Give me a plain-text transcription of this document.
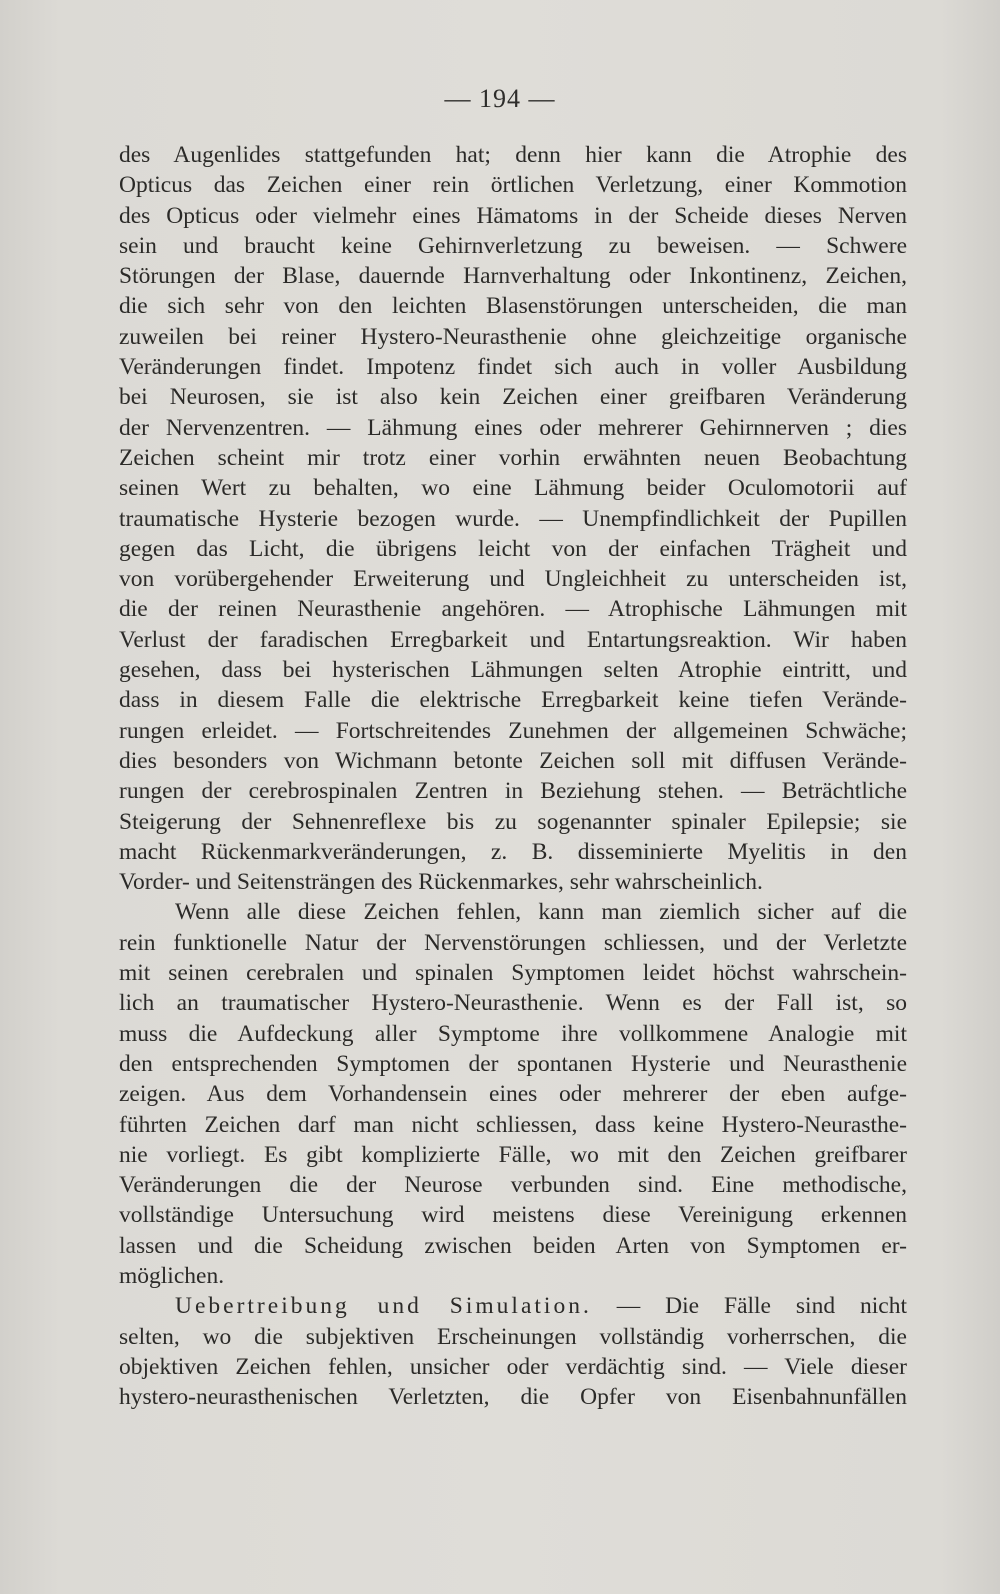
— 194 —
des Augenlides stattgefunden hat; denn hier kann die Atrophie des
Opticus das Zeichen einer rein örtlichen Verletzung, einer Kommotion
des Opticus oder vielmehr eines Hämatoms in der Scheide dieses Nerven
sein und braucht keine Gehirnverletzung zu beweisen. — Schwere
Störungen der Blase, dauernde Harnverhaltung oder Inkontinenz, Zeichen,
die sich sehr von den leichten Blasenstörungen unterscheiden, die man
zuweilen bei reiner Hystero-Neurasthenie ohne gleichzeitige organische
Veränderungen findet. Impotenz findet sich auch in voller Ausbildung
bei Neurosen, sie ist also kein Zeichen einer greifbaren Veränderung
der Nervenzentren. — Lähmung eines oder mehrerer Gehirnnerven ; dies
Zeichen scheint mir trotz einer vorhin erwähnten neuen Beobachtung
seinen Wert zu behalten, wo eine Lähmung beider Oculomotorii auf
traumatische Hysterie bezogen wurde. — Unempfindlichkeit der Pupillen
gegen das Licht, die übrigens leicht von der einfachen Trägheit und
von vorübergehender Erweiterung und Ungleichheit zu unterscheiden ist,
die der reinen Neurasthenie angehören. — Atrophische Lähmungen mit
Verlust der faradischen Erregbarkeit und Entartungsreaktion. Wir haben
gesehen, dass bei hysterischen Lähmungen selten Atrophie eintritt, und
dass in diesem Falle die elektrische Erregbarkeit keine tiefen Verände-
rungen erleidet. — Fortschreitendes Zunehmen der allgemeinen Schwäche;
dies besonders von Wichmann betonte Zeichen soll mit diffusen Verände-
rungen der cerebrospinalen Zentren in Beziehung stehen. — Beträchtliche
Steigerung der Sehnenreflexe bis zu sogenannter spinaler Epilepsie; sie
macht Rückenmarkveränderungen, z. B. disseminierte Myelitis in den
Vorder- und Seitensträngen des Rückenmarkes, sehr wahrscheinlich.
Wenn alle diese Zeichen fehlen, kann man ziemlich sicher auf die
rein funktionelle Natur der Nervenstörungen schliessen, und der Verletzte
mit seinen cerebralen und spinalen Symptomen leidet höchst wahrschein-
lich an traumatischer Hystero-Neurasthenie. Wenn es der Fall ist, so
muss die Aufdeckung aller Symptome ihre vollkommene Analogie mit
den entsprechenden Symptomen der spontanen Hysterie und Neurasthenie
zeigen. Aus dem Vorhandensein eines oder mehrerer der eben aufge-
führten Zeichen darf man nicht schliessen, dass keine Hystero-Neurasthe-
nie vorliegt. Es gibt komplizierte Fälle, wo mit den Zeichen greifbarer
Veränderungen die der Neurose verbunden sind. Eine methodische,
vollständige Untersuchung wird meistens diese Vereinigung erkennen
lassen und die Scheidung zwischen beiden Arten von Symptomen er-
möglichen.
Uebertreibung und Simulation. — Die Fälle sind nicht
selten, wo die subjektiven Erscheinungen vollständig vorherrschen, die
objektiven Zeichen fehlen, unsicher oder verdächtig sind. — Viele dieser
hystero-neurasthenischen Verletzten, die Opfer von Eisenbahnunfällen
